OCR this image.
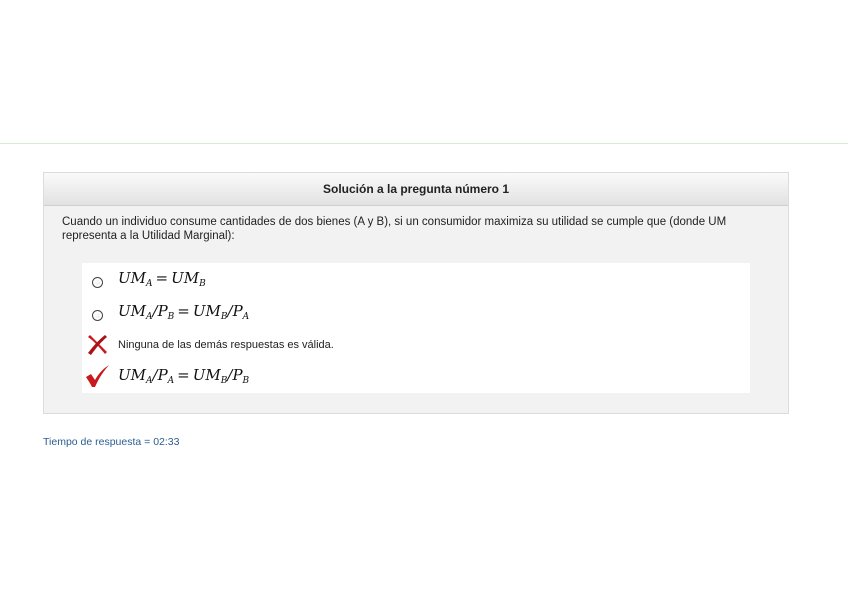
Solución a la pregunta número 1
Cuando un individuo consume cantidades de dos bienes (A y B), si un consumidor maximiza su utilidad se cumple que (donde UM representa a la Utilidad Marginal):
$UM_A = UM_B$
$UM_A/P_B = UM_B/P_A$
Ninguna de las demás respuestas es válida.
$UM_A/P_A = UM_B/P_B$
Tiempo de respuesta = 02:33
